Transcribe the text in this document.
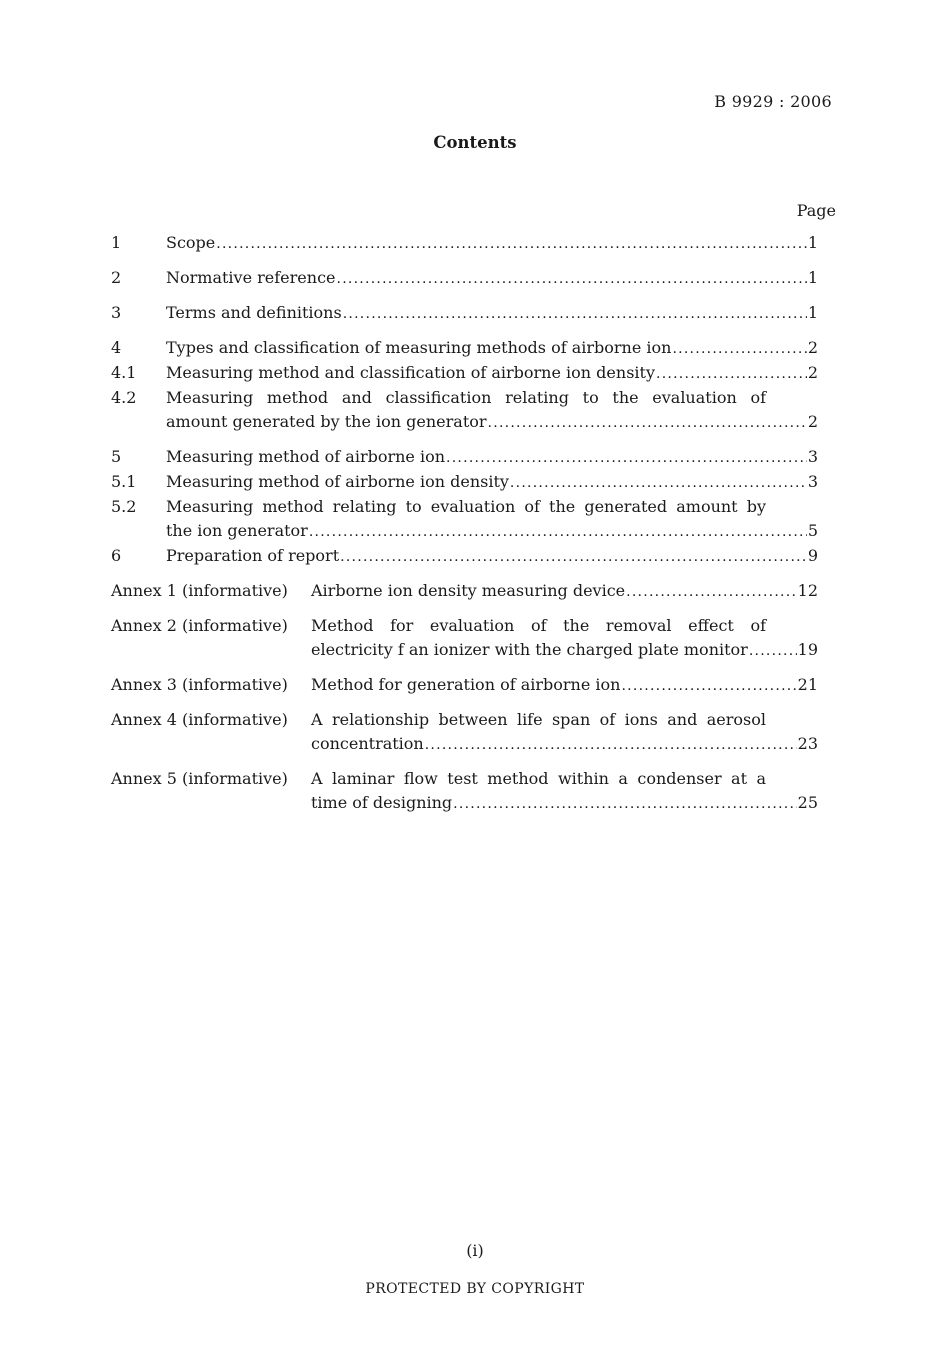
B 9929 : 2006
Contents
Page
1	Scope . . .	1
2	Normative reference . . .	1
3	Terms and definitions . . .	1
4	Types and classification of measuring methods of airborne ion . . .	2
4.1	Measuring method and classification of airborne ion density . . .	2
4.2	Measuring method and classification relating to the evaluation of
amount generated by the ion generator . . .	2
5	Measuring method of airborne ion . . .	3
5.1	Measuring method of airborne ion density . . .	3
5.2	Measuring method relating to evaluation of the generated amount by
the ion generator . . .	5
6	Preparation of report . . .	9
Annex 1 (informative)	Airborne ion density measuring device . . .	12
Annex 2 (informative)	Method for evaluation of the removal effect of
electricity f an ionizer with the charged plate monitor . . .	19
Annex 3 (informative)	Method for generation of airborne ion . . .	21
Annex 4 (informative)	A relationship between life span of ions and aerosol
concentration . . .	23
Annex 5 (informative)	A laminar flow test method within a condenser at a
time of designing . . .	25
(i)
PROTECTED BY COPYRIGHT
